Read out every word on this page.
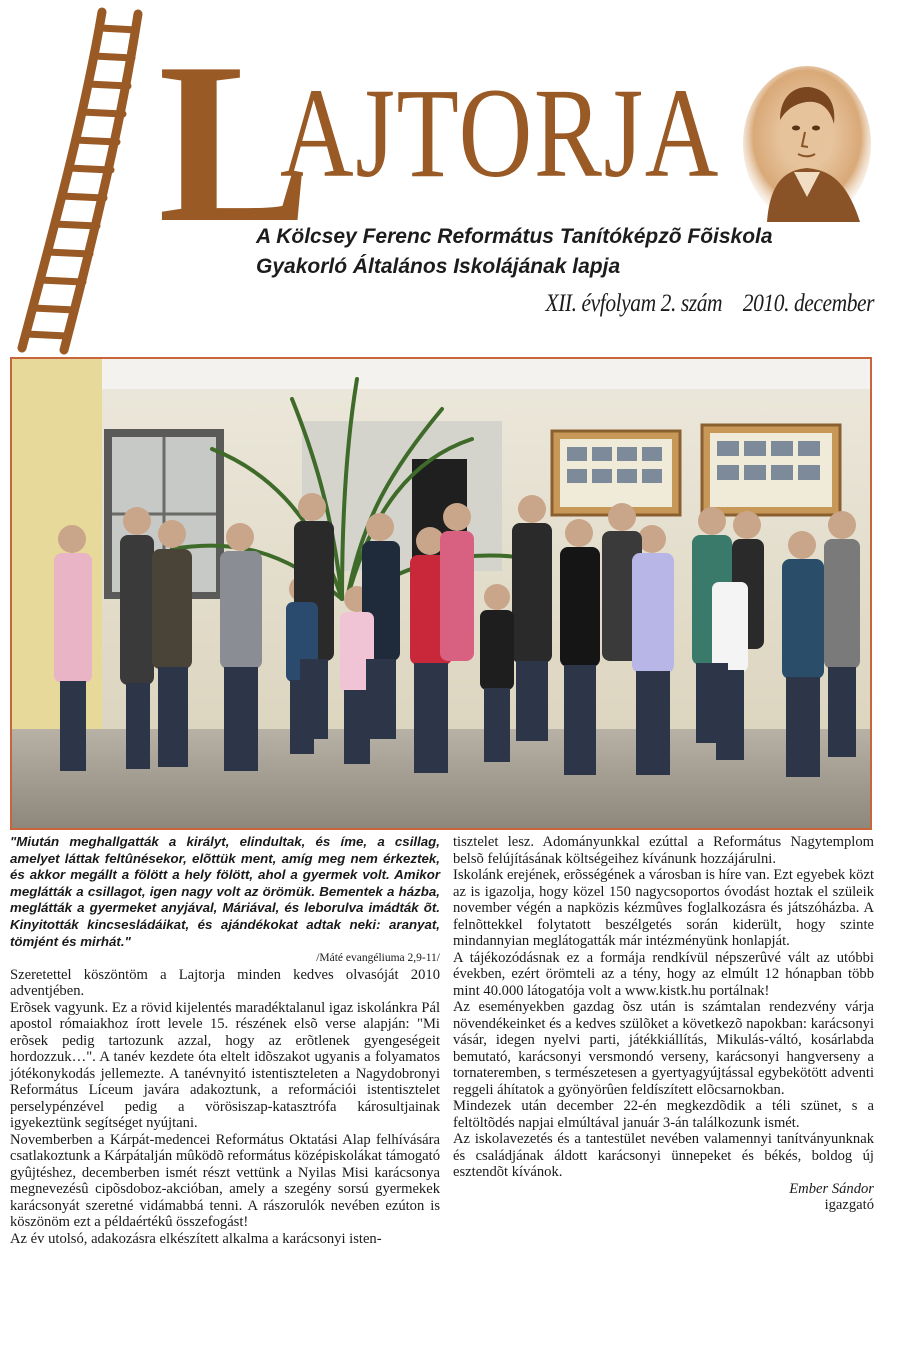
L
AJTORJA
A Kölcsey Ferenc Református Tanítóképzõ Fõiskola
Gyakorló Általános Iskolájának lapja
XII. évfolyam 2. szám 2010. december

"Miután meghallgatták a királyt, elindultak, és íme, a csillag, amelyet láttak feltûnésekor, elõttük ment, amíg meg nem érkeztek, és akkor megállt a fölött a hely fölött, ahol a gyermek volt. Amikor meglátták a csillagot, igen nagy volt az örömük. Bementek a házba, meglátták a gyermeket anyjával, Máriával, és leborulva imádták õt. Kinyitották kincsesládáikat, és ajándékokat adtak neki: aranyat, tömjént és mirhát."

/Máté evangéliuma 2,9-11/

Szeretettel köszöntöm a Lajtorja minden kedves olvasóját 2010 adventjében.

Erõsek vagyunk. Ez a rövid kijelentés maradéktalanul igaz iskolánkra Pál apostol rómaiakhoz írott levele 15. részének elsõ verse alapján: "Mi erõsek pedig tartozunk azzal, hogy az erõtlenek gyengeségeit hordozzuk…". A tanév kezdete óta eltelt idõszakot ugyanis a folyamatos jótékonykodás jellemezte. A tanévnyitó istentiszteleten a Nagydobronyi Református Líceum javára adakoztunk, a reformációi istentisztelet perselypénzével pedig a vörösiszap-katasztrófa károsultjainak igyekeztünk segítséget nyújtani.

Novemberben a Kárpát-medencei Református Oktatási Alap felhívására csatlakoztunk a Kárpátalján mûködõ református középiskolákat támogató gyûjtéshez, decemberben ismét részt vettünk a Nyilas Misi karácsonya megnevezésû cipõsdoboz-akcióban, amely a szegény sorsú gyermekek karácsonyát szeretné vidámabbá tenni. A rászorulók nevében ezúton is köszönöm ezt a példaértékû összefogást!

Az év utolsó, adakozásra elkészített alkalma a karácsonyi isten-

tisztelet lesz. Adományunkkal ezúttal a Református Nagytemplom belsõ felújításának költségeihez kívánunk hozzájárulni.

Iskolánk erejének, erõsségének a városban is híre van. Ezt egyebek közt az is igazolja, hogy közel 150 nagycsoportos óvodást hoztak el szüleik november végén a napközis kézmûves foglalkozásra és játszóházba. A felnõttekkel folytatott beszélgetés során kiderült, hogy szinte mindannyian meglátogatták már intézményünk honlapját.

A tájékozódásnak ez a formája rendkívül népszerûvé vált az utóbbi években, ezért örömteli az a tény, hogy az elmúlt 12 hónapban több mint 40.000 látogatója volt a www.kistk.hu portálnak!

Az eseményekben gazdag õsz után is számtalan rendezvény várja növendékeinket és a kedves szülõket a következõ napokban: karácsonyi vásár, idegen nyelvi parti, játékkiállítás, Mikulás-váltó, kosárlabda bemutató, karácsonyi versmondó verseny, karácsonyi hangverseny a tornateremben, s természetesen a gyertyagyújtással egybekötött adventi reggeli áhítatok a gyönyörûen feldíszített elõcsarnokban.

Mindezek után december 22-én megkezdõdik a téli szünet, s a feltöltõdés napjai elmúltával január 3-án találkozunk ismét.

Az iskolavezetés és a tantestület nevében valamennyi tanítványunknak és családjának áldott karácsonyi ünnepeket és békés, boldog új esztendõt kívánok.

Ember Sándor

igazgató
